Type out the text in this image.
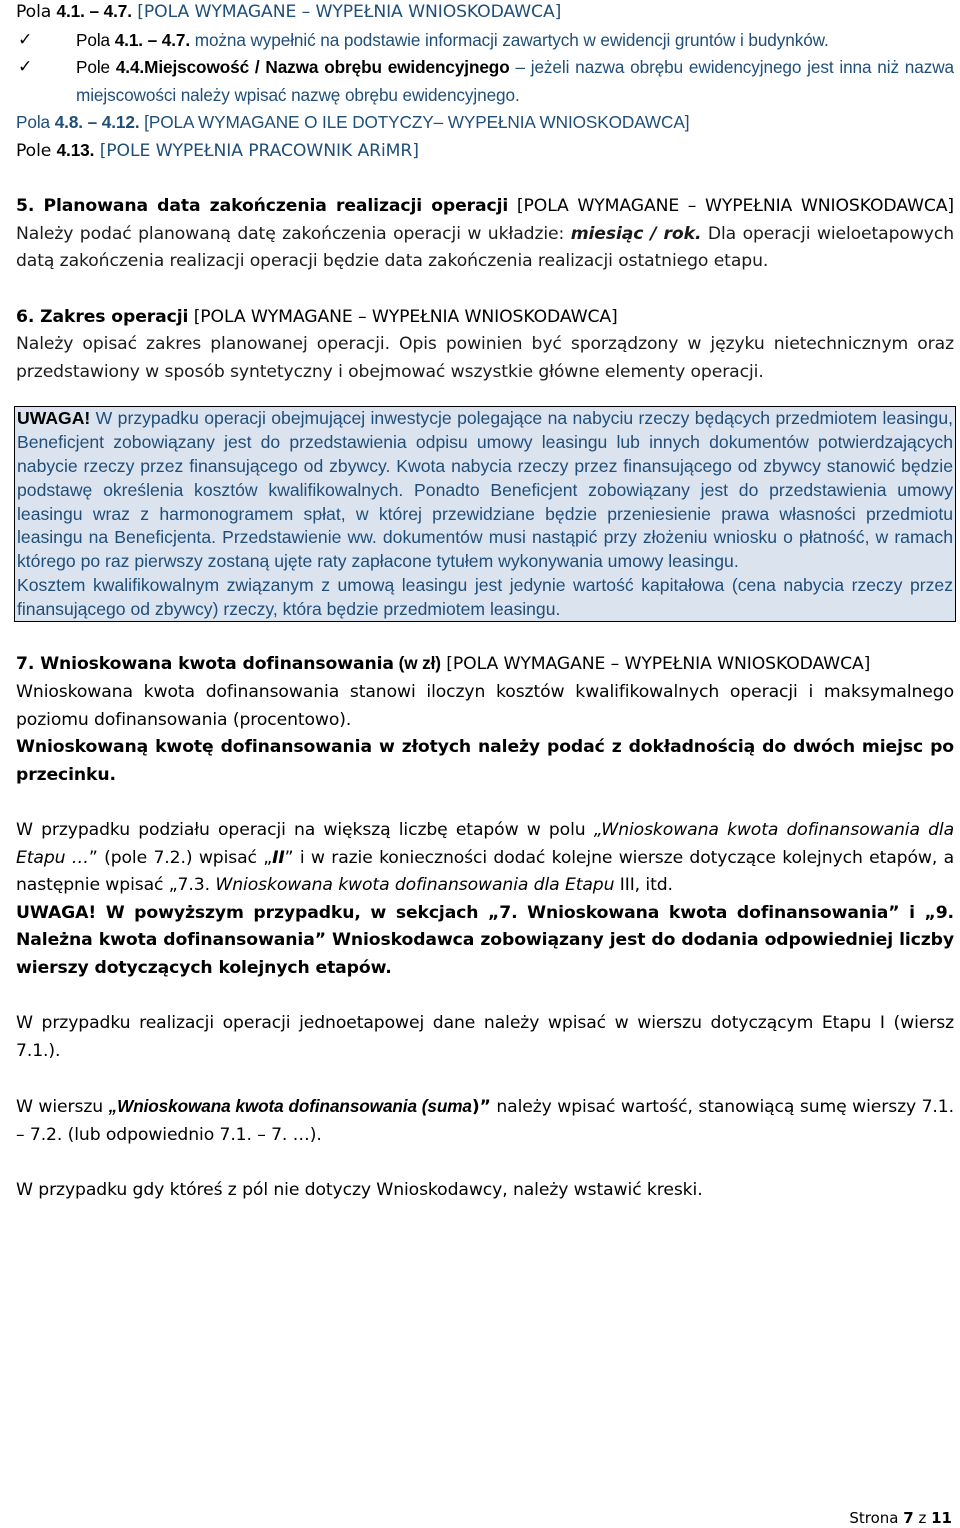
Pola 4.1. – 4.7. [POLA WYMAGANE – WYPEŁNIA WNIOSKODAWCA]

✓	Pola 4.1. – 4.7. można wypełnić na podstawie informacji zawartych w ewidencji gruntów i budynków.
✓	Pole 4.4.Miejscowość / Nazwa obrębu ewidencyjnego – jeżeli nazwa obrębu ewidencyjnego jest inna niż nazwa miejscowości należy wpisać nazwę obrębu ewidencyjnego.

Pola 4.8. – 4.12. [POLA WYMAGANE O ILE DOTYCZY– WYPEŁNIA WNIOSKODAWCA]

Pole 4.13. [POLE WYPEŁNIA PRACOWNIK ARiMR]

5. Planowana data zakończenia realizacji operacji [POLA WYMAGANE – WYPEŁNIA WNIOSKODAWCA]

Należy podać planowaną datę zakończenia operacji w układzie: miesiąc / rok. Dla operacji wieloetapowych datą zakończenia realizacji operacji będzie data zakończenia realizacji ostatniego etapu.

6. Zakres operacji [POLA WYMAGANE – WYPEŁNIA WNIOSKODAWCA]

Należy opisać zakres planowanej operacji. Opis powinien być sporządzony w języku nietechnicznym oraz przedstawiony w sposób syntetyczny i obejmować wszystkie główne elementy operacji.

UWAGA! W przypadku operacji obejmującej inwestycje polegające na nabyciu rzeczy będących przedmiotem leasingu, Beneficjent zobowiązany jest do przedstawienia odpisu umowy leasingu lub innych dokumentów potwierdzających nabycie rzeczy przez finansującego od zbywcy. Kwota nabycia rzeczy przez finansującego od zbywcy stanowić będzie podstawę określenia kosztów kwalifikowalnych. Ponadto Beneficjent zobowiązany jest do przedstawienia umowy leasingu wraz z harmonogramem spłat, w której przewidziane będzie przeniesienie prawa własności przedmiotu leasingu na Beneficjenta. Przedstawienie ww. dokumentów musi nastąpić przy złożeniu wniosku o płatność, w ramach którego po raz pierwszy zostaną ujęte raty zapłacone tytułem wykonywania umowy leasingu.

Kosztem kwalifikowalnym związanym z umową leasingu jest jedynie wartość kapitałowa (cena nabycia rzeczy przez finansującego od zbywcy) rzeczy, która będzie przedmiotem leasingu.

7. Wnioskowana kwota dofinansowania (w zł) [POLA WYMAGANE – WYPEŁNIA WNIOSKODAWCA]

Wnioskowana kwota dofinansowania stanowi iloczyn kosztów kwalifikowalnych operacji i maksymalnego poziomu dofinansowania (procentowo).

Wnioskowaną kwotę dofinansowania w złotych należy podać z dokładnością do dwóch miejsc po przecinku.

W przypadku podziału operacji na większą liczbę etapów w polu „Wnioskowana kwota dofinansowania dla Etapu …” (pole 7.2.) wpisać „II” i w razie konieczności dodać kolejne wiersze dotyczące kolejnych etapów, a następnie wpisać „7.3. Wnioskowana kwota dofinansowania dla Etapu III, itd.

UWAGA! W powyższym przypadku, w sekcjach „7. Wnioskowana kwota dofinansowania” i „9. Należna kwota dofinansowania” Wnioskodawca zobowiązany jest do dodania odpowiedniej liczby wierszy dotyczących kolejnych etapów.

W przypadku realizacji operacji jednoetapowej dane należy wpisać w wierszu dotyczącym Etapu I (wiersz 7.1.).

W wierszu „Wnioskowana kwota dofinansowania (suma)” należy wpisać wartość, stanowiącą sumę wierszy 7.1. – 7.2. (lub odpowiednio 7.1. – 7. …).

W przypadku gdy któreś z pól nie dotyczy Wnioskodawcy, należy wstawić kreski.

Strona 7 z 11
